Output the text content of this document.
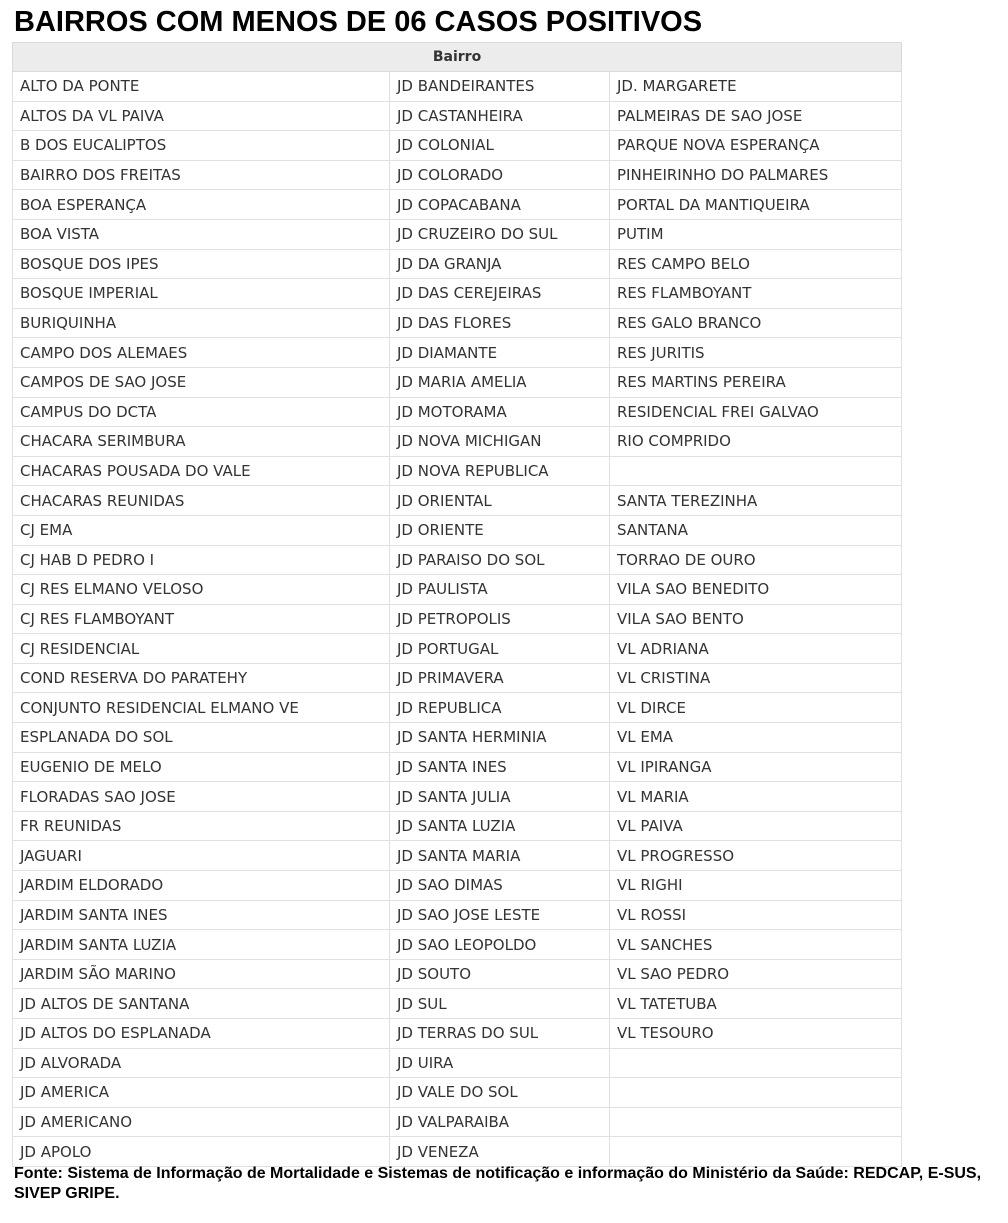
BAIRROS COM MENOS DE 06 CASOS POSITIVOS
Bairro		
ALTO DA PONTE	JD BANDEIRANTES	JD. MARGARETE
ALTOS DA VL PAIVA	JD CASTANHEIRA	PALMEIRAS DE SAO JOSE
B DOS EUCALIPTOS	JD COLONIAL	PARQUE NOVA ESPERANÇA
BAIRRO DOS FREITAS	JD COLORADO	PINHEIRINHO DO PALMARES
BOA ESPERANÇA	JD COPACABANA	PORTAL DA MANTIQUEIRA
BOA VISTA	JD CRUZEIRO DO SUL	PUTIM
BOSQUE DOS IPES	JD DA GRANJA	RES CAMPO BELO
BOSQUE IMPERIAL	JD DAS CEREJEIRAS	RES FLAMBOYANT
BURIQUINHA	JD DAS FLORES	RES GALO BRANCO
CAMPO DOS ALEMAES	JD DIAMANTE	RES JURITIS
CAMPOS DE SAO JOSE	JD MARIA AMELIA	RES MARTINS PEREIRA
CAMPUS DO DCTA	JD MOTORAMA	RESIDENCIAL FREI GALVAO
CHACARA SERIMBURA	JD NOVA MICHIGAN	RIO COMPRIDO
CHACARAS POUSADA DO VALE	JD NOVA REPUBLICA	
CHACARAS REUNIDAS	JD ORIENTAL	SANTA TEREZINHA
CJ EMA	JD ORIENTE	SANTANA
CJ HAB D PEDRO I	JD PARAISO DO SOL	TORRAO DE OURO
CJ RES ELMANO VELOSO	JD PAULISTA	VILA SAO BENEDITO
CJ RES FLAMBOYANT	JD PETROPOLIS	VILA SAO BENTO
CJ RESIDENCIAL	JD PORTUGAL	VL ADRIANA
COND RESERVA DO PARATEHY	JD PRIMAVERA	VL CRISTINA
CONJUNTO RESIDENCIAL ELMANO VE	JD REPUBLICA	VL DIRCE
ESPLANADA DO SOL	JD SANTA HERMINIA	VL EMA
EUGENIO DE MELO	JD SANTA INES	VL IPIRANGA
FLORADAS SAO JOSE	JD SANTA JULIA	VL MARIA
FR REUNIDAS	JD SANTA LUZIA	VL PAIVA
JAGUARI	JD SANTA MARIA	VL PROGRESSO
JARDIM ELDORADO	JD SAO DIMAS	VL RIGHI
JARDIM SANTA INES	JD SAO JOSE LESTE	VL ROSSI
JARDIM SANTA LUZIA	JD SAO LEOPOLDO	VL SANCHES
JARDIM SÃO MARINO	JD SOUTO	VL SAO PEDRO
JD ALTOS DE SANTANA	JD SUL	VL TATETUBA
JD ALTOS DO ESPLANADA	JD TERRAS DO SUL	VL TESOURO
JD ALVORADA	JD UIRA	
JD AMERICA	JD VALE DO SOL	
JD AMERICANO	JD VALPARAIBA	
JD APOLO	JD VENEZA	
Fonte: Sistema de Informação de Mortalidade e Sistemas de notificação e informação do Ministério da Saúde: REDCAP, E-SUS, SIVEP GRIPE.
